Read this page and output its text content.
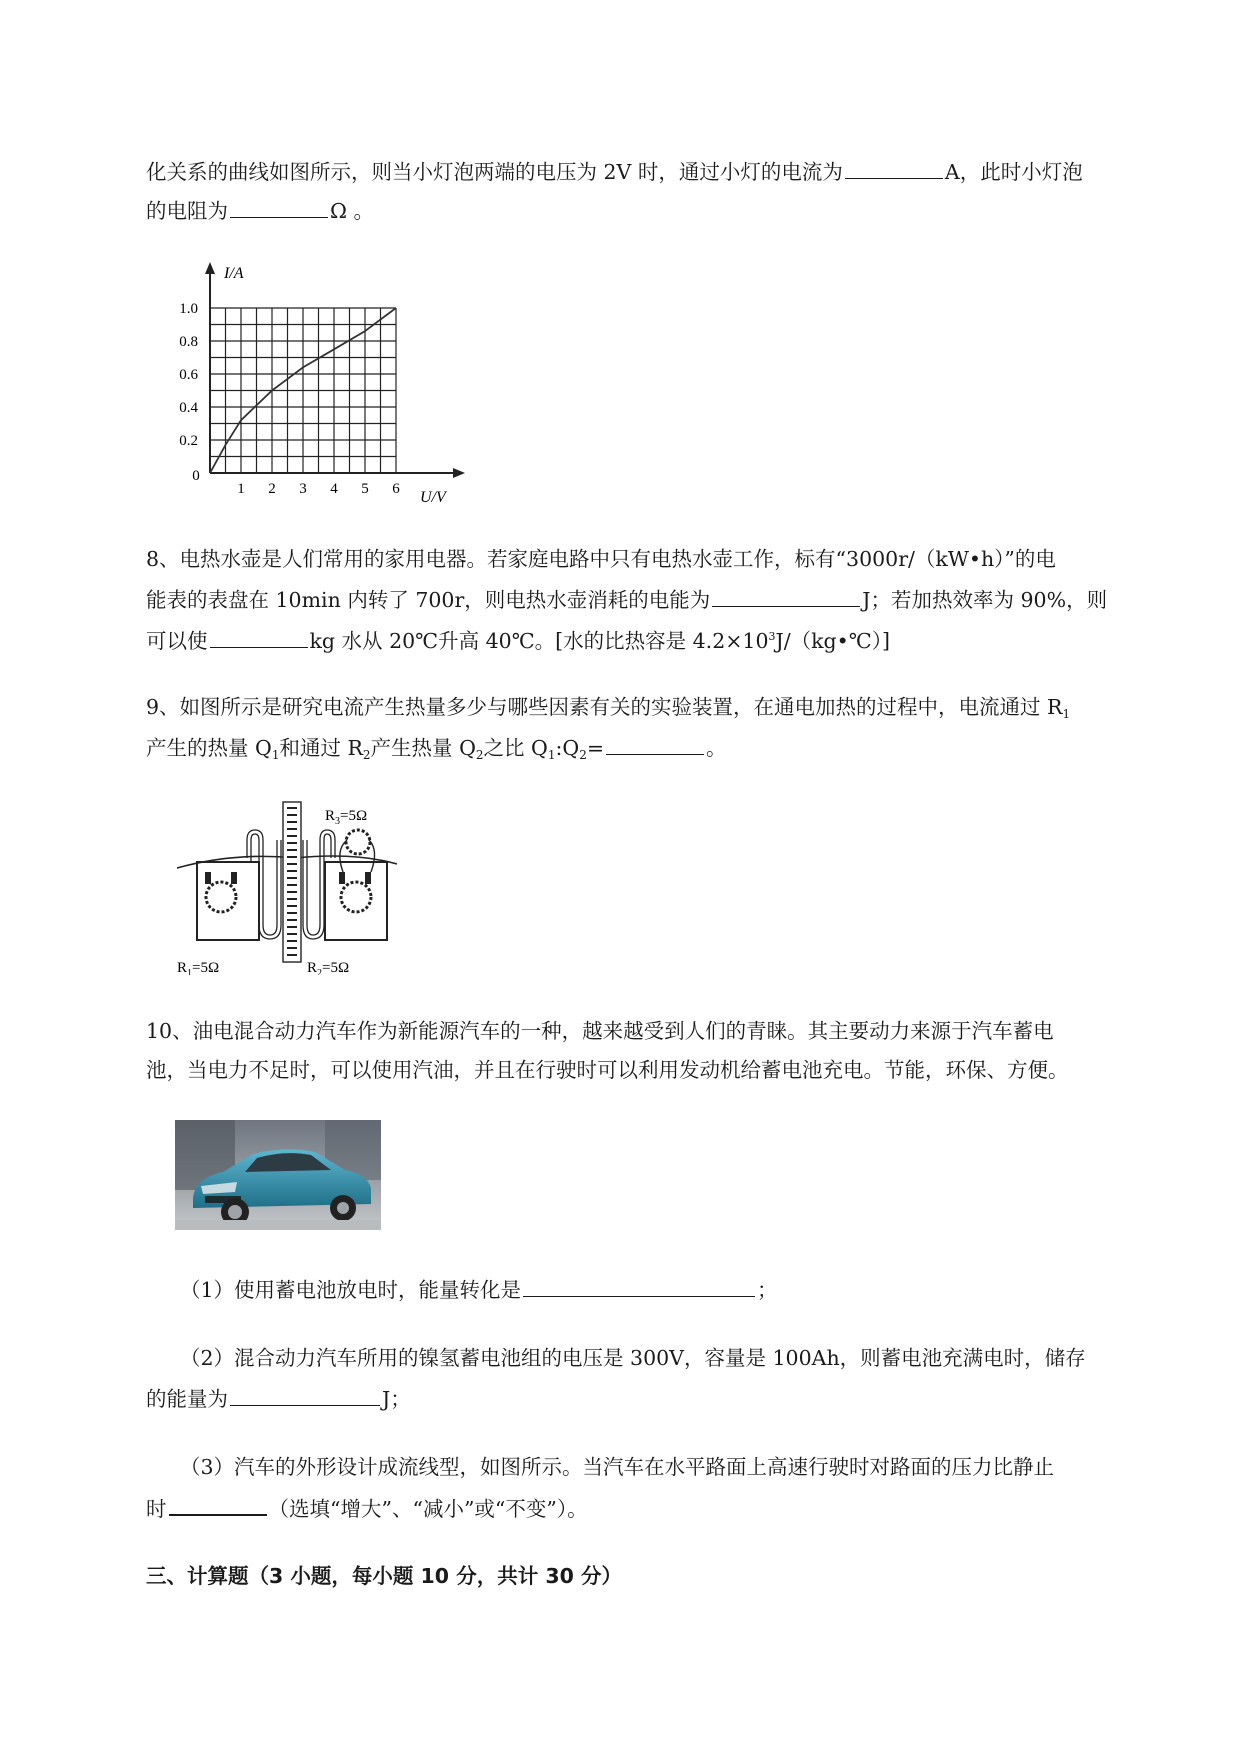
化关系的曲线如图所示，则当小灯泡两端的电压为 2V 时，通过小灯的电流为	A，此时小灯泡
的电阻为	Ω 。
I/A
U/V
0
1.0
0.8
0.6
0.4
0.2
1 2 3 4 5 6
8、电热水壶是人们常用的家用电器。若家庭电路中只有电热水壶工作，标有“3000r/（kW•h）”的电
能表的表盘在 10min 内转了 700r，则电热水壶消耗的电能为	J；若加热效率为 90%，则
可以使	kg 水从 20℃升高 40℃。[水的比热容是 $4.2\times 10^3J/(kg•℃)$]
9、如图所示是研究电流产生热量多少与哪些因素有关的实验装置，在通电加热的过程中，电流通过 $R_1$
产生的热量 $Q_1$和通过 $R_2$产生热量 $Q_2$之比 $Q_1:Q_2=$	。
$R_1=5\Omega$	$R_2=5\Omega$
$R_3=5\Omega$
10、油电混合动力汽车作为新能源汽车的一种，越来越受到人们的青睐。其主要动力来源于汽车蓄电
池，当电力不足时，可以使用汽油，并且在行驶时可以利用发动机给蓄电池充电。节能，环保、方便。
（1）使用蓄电池放电时，能量转化是	；
（2）混合动力汽车所用的镍氢蓄电池组的电压是 300V，容量是 100Ah，则蓄电池充满电时，储存
的能量为	J；
（3）汽车的外形设计成流线型，如图所示。当汽车在水平路面上高速行驶时对路面的压力比静止
时	（选填“增大”、“减小”或“不变”）。
三、计算题（3 小题，每小题 10 分，共计 30 分）
